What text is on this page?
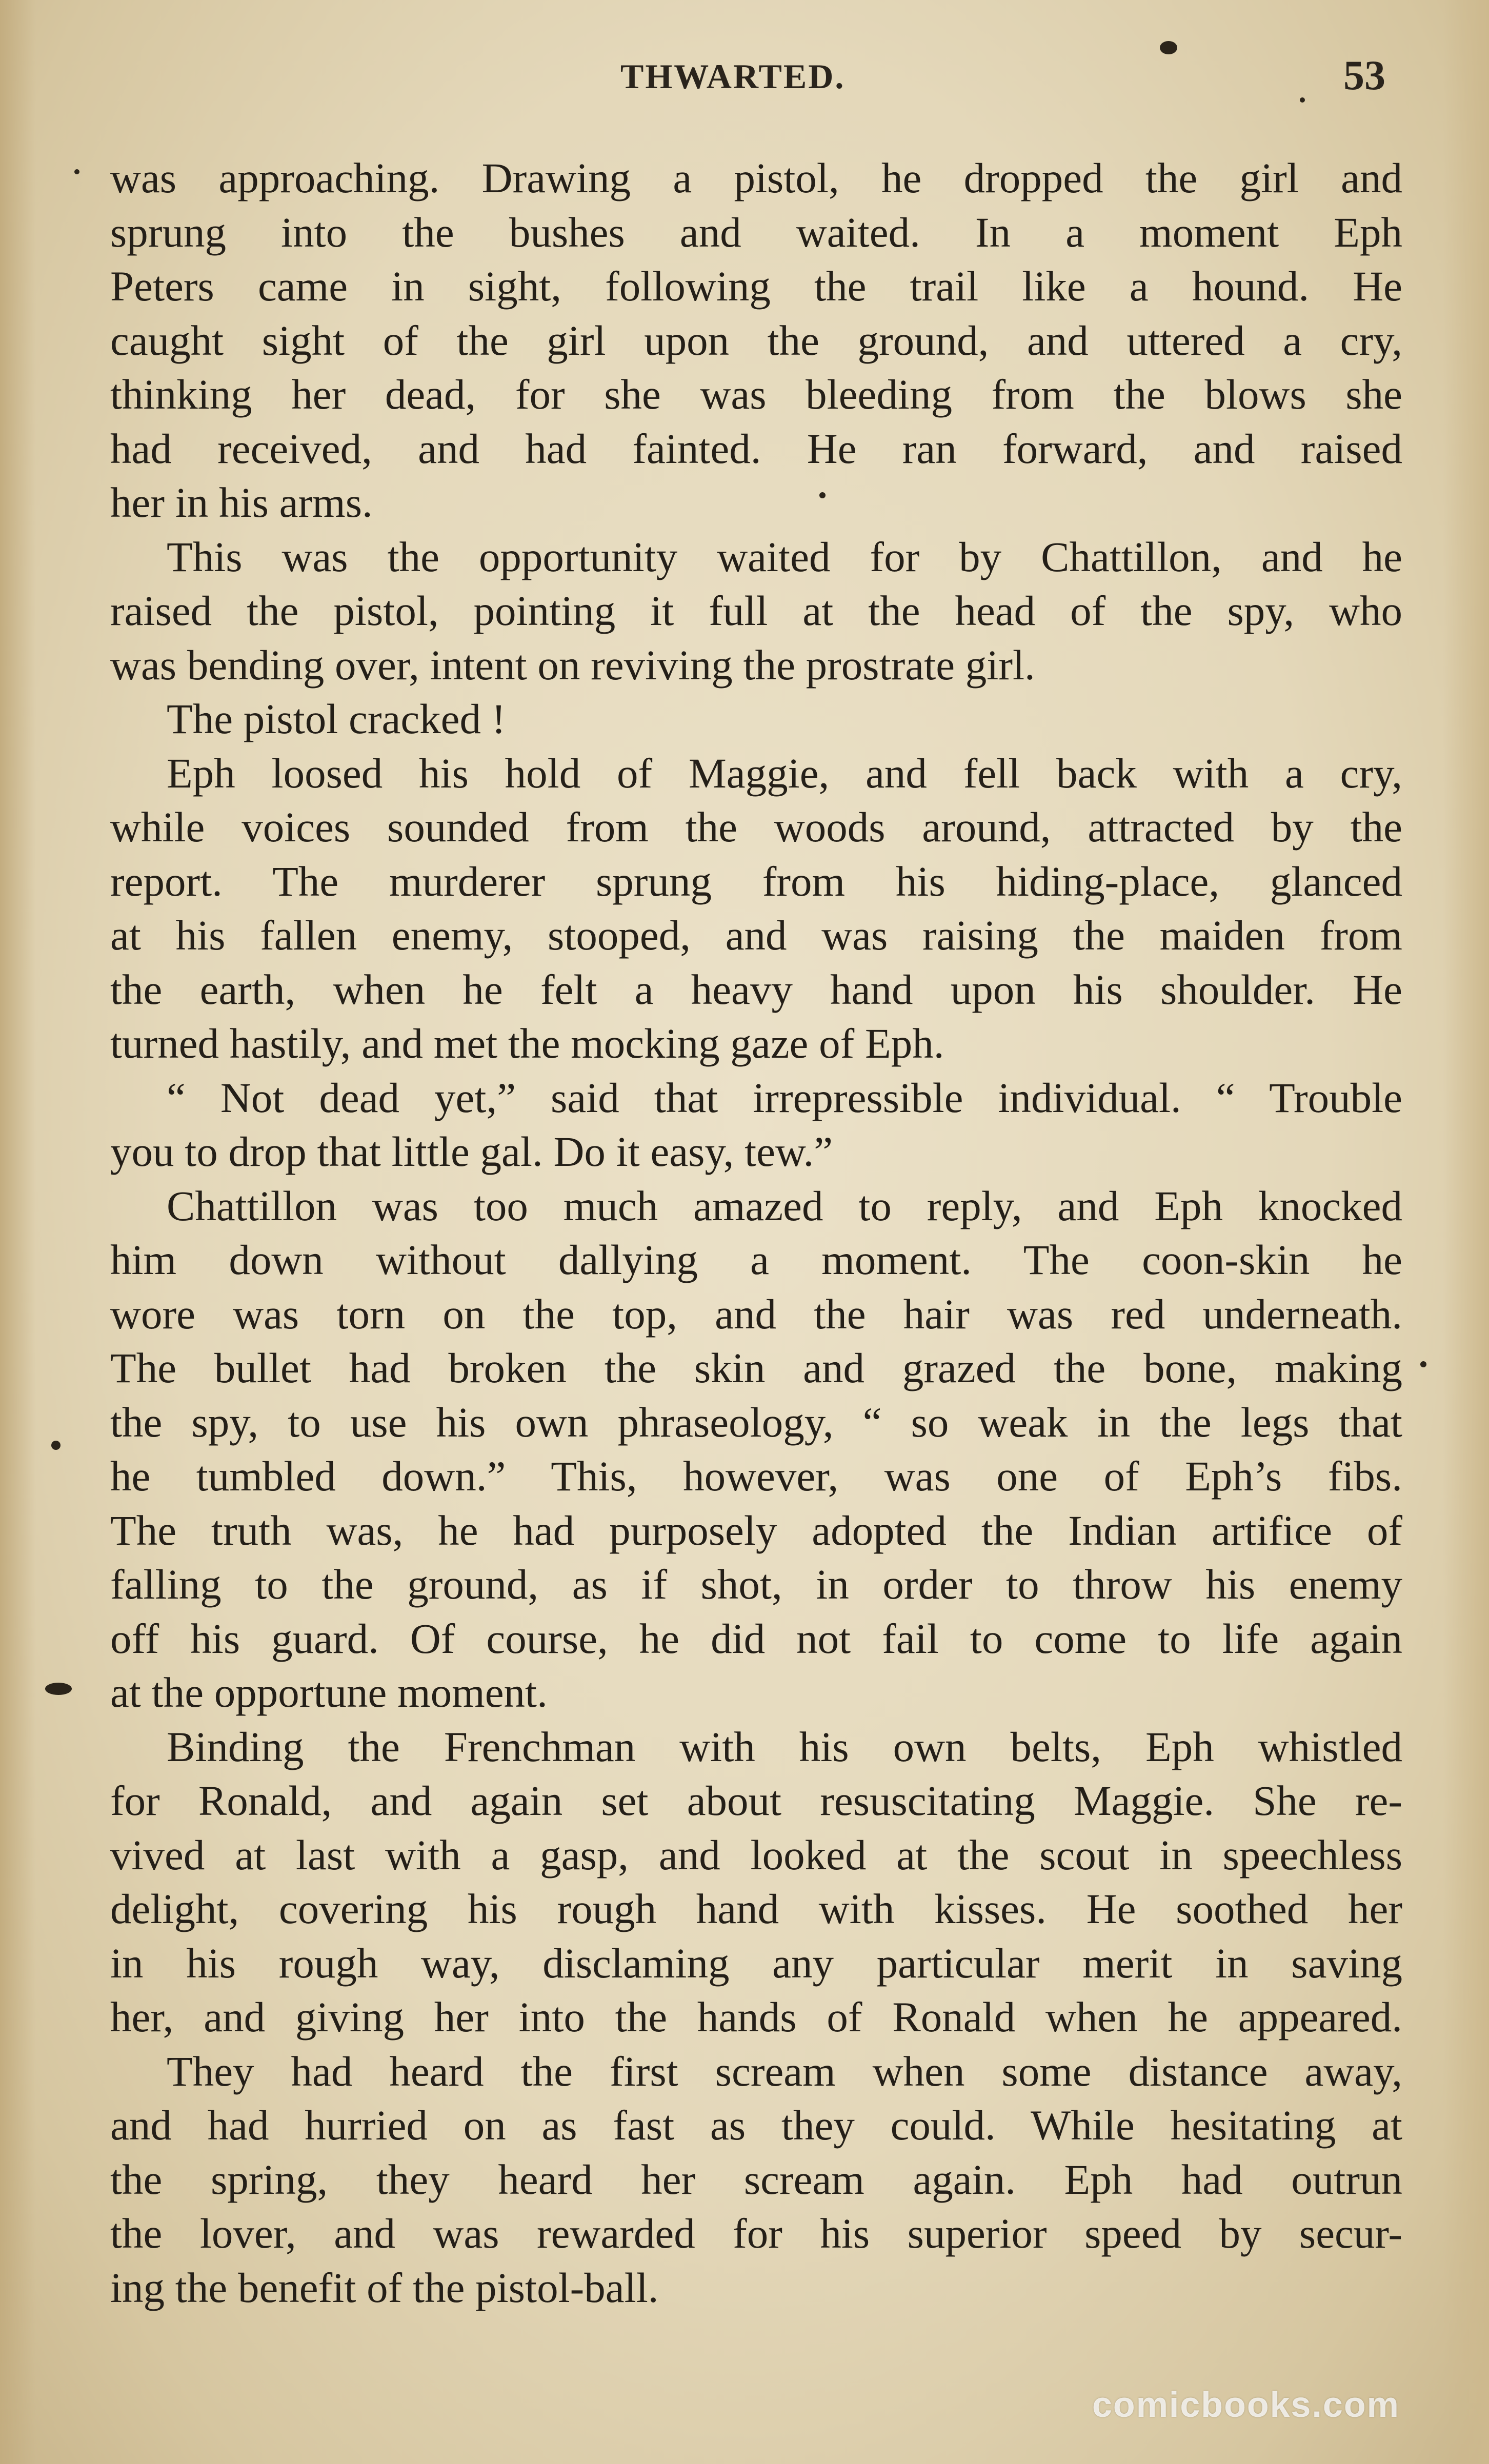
THWARTED.	53
was approaching. Drawing a pistol, he dropped the girl and
sprung into the bushes and waited. In a moment Eph
Peters came in sight, following the trail like a hound. He
caught sight of the girl upon the ground, and uttered a cry,
thinking her dead, for she was bleeding from the blows she
had received, and had fainted. He ran forward, and raised
her in his arms.
This was the opportunity waited for by Chattillon, and he
raised the pistol, pointing it full at the head of the spy, who
was bending over, intent on reviving the prostrate girl.
The pistol cracked !
Eph loosed his hold of Maggie, and fell back with a cry,
while voices sounded from the woods around, attracted by the
report. The murderer sprung from his hiding-place, glanced
at his fallen enemy, stooped, and was raising the maiden from
the earth, when he felt a heavy hand upon his shoulder. He
turned hastily, and met the mocking gaze of Eph.
“ Not dead yet,” said that irrepressible individual. “ Trouble
you to drop that little gal. Do it easy, tew.”
Chattillon was too much amazed to reply, and Eph knocked
him down without dallying a moment. The coon-skin he
wore was torn on the top, and the hair was red underneath.
The bullet had broken the skin and grazed the bone, making
the spy, to use his own phraseology, “ so weak in the legs that
he tumbled down.” This, however, was one of Eph’s fibs.
The truth was, he had purposely adopted the Indian artifice of
falling to the ground, as if shot, in order to throw his enemy
off his guard. Of course, he did not fail to come to life again
at the opportune moment.
Binding the Frenchman with his own belts, Eph whistled
for Ronald, and again set about resuscitating Maggie. She re-
vived at last with a gasp, and looked at the scout in speechless
delight, covering his rough hand with kisses. He soothed her
in his rough way, disclaming any particular merit in saving
her, and giving her into the hands of Ronald when he appeared.
They had heard the first scream when some distance away,
and had hurried on as fast as they could. While hesitating at
the spring, they heard her scream again. Eph had outrun
the lover, and was rewarded for his superior speed by secur-
ing the benefit of the pistol-ball.
comicbooks.com
